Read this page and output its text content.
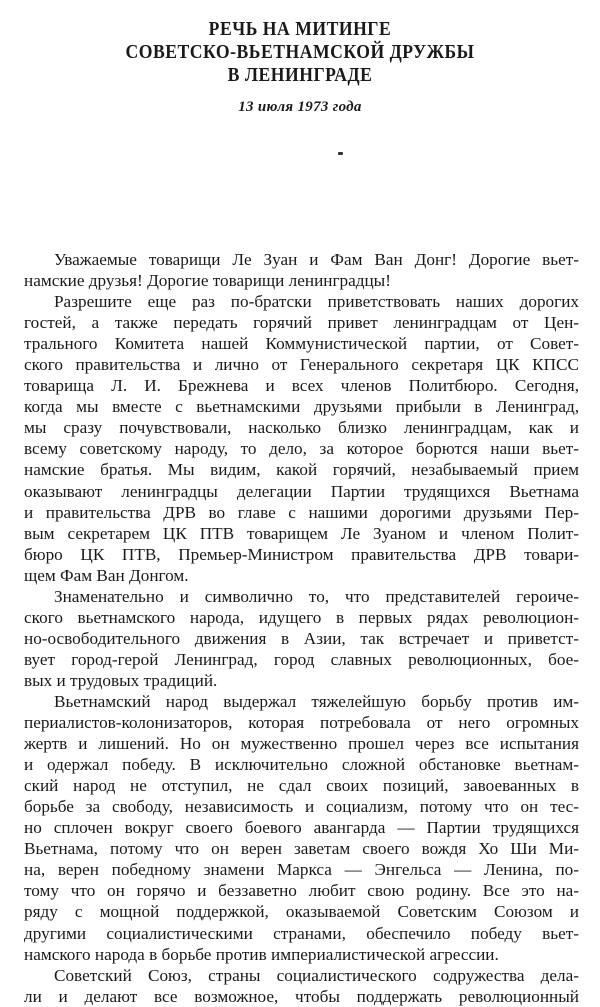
РЕЧЬ НА МИТИНГЕ
СОВЕТСКО-ВЬЕТНАМСКОЙ ДРУЖБЫ
В ЛЕНИНГРАДЕ
13 июля 1973 года
Уважаемые товарищи Ле Зуан и Фам Ван Донг! Дорогие вьет-
намские друзья! Дорогие товарищи ленинградцы!
Разрешите еще раз по-братски приветствовать наших дорогих
гостей, а также передать горячий привет ленинградцам от Цен-
трального Комитета нашей Коммунистической партии, от Совет-
ского правительства и лично от Генерального секретаря ЦК КПСС
товарища Л. И. Брежнева и всех членов Политбюро. Сегодня,
когда мы вместе с вьетнамскими друзьями прибыли в Ленинград,
мы сразу почувствовали, насколько близко ленинградцам, как и
всему советскому народу, то дело, за которое борются наши вьет-
намские братья. Мы видим, какой горячий, незабываемый прием
оказывают ленинградцы делегации Партии трудящихся Вьетнама
и правительства ДРВ во главе с нашими дорогими друзьями Пер-
вым секретарем ЦК ПТВ товарищем Ле Зуаном и членом Полит-
бюро ЦК ПТВ, Премьер-Министром правительства ДРВ товари-
щем Фам Ван Донгом.
Знаменательно и символично то, что представителей героиче-
ского вьетнамского народа, идущего в первых рядах революцион-
но-освободительного движения в Азии, так встречает и приветст-
вует город-герой Ленинград, город славных революционных, бое-
вых и трудовых традиций.
Вьетнамский народ выдержал тяжелейшую борьбу против им-
периалистов-колонизаторов, которая потребовала от него огромных
жертв и лишений. Но он мужественно прошел через все испытания
и одержал победу. В исключительно сложной обстановке вьетнам-
ский народ не отступил, не сдал своих позиций, завоеванных в
борьбе за свободу, независимость и социализм, потому что он тес-
но сплочен вокруг своего боевого авангарда — Партии трудящихся
Вьетнама, потому что он верен заветам своего вождя Хо Ши Ми-
на, верен победному знамени Маркса — Энгельса — Ленина, по-
тому что он горячо и беззаветно любит свою родину. Все это на-
ряду с мощной поддержкой, оказываемой Советским Союзом и
другими социалистическими странами, обеспечило победу вьет-
намского народа в борьбе против империалистической агрессии.
Советский Союз, страны социалистического содружества дела-
ли и делают все возможное, чтобы поддержать революционный
